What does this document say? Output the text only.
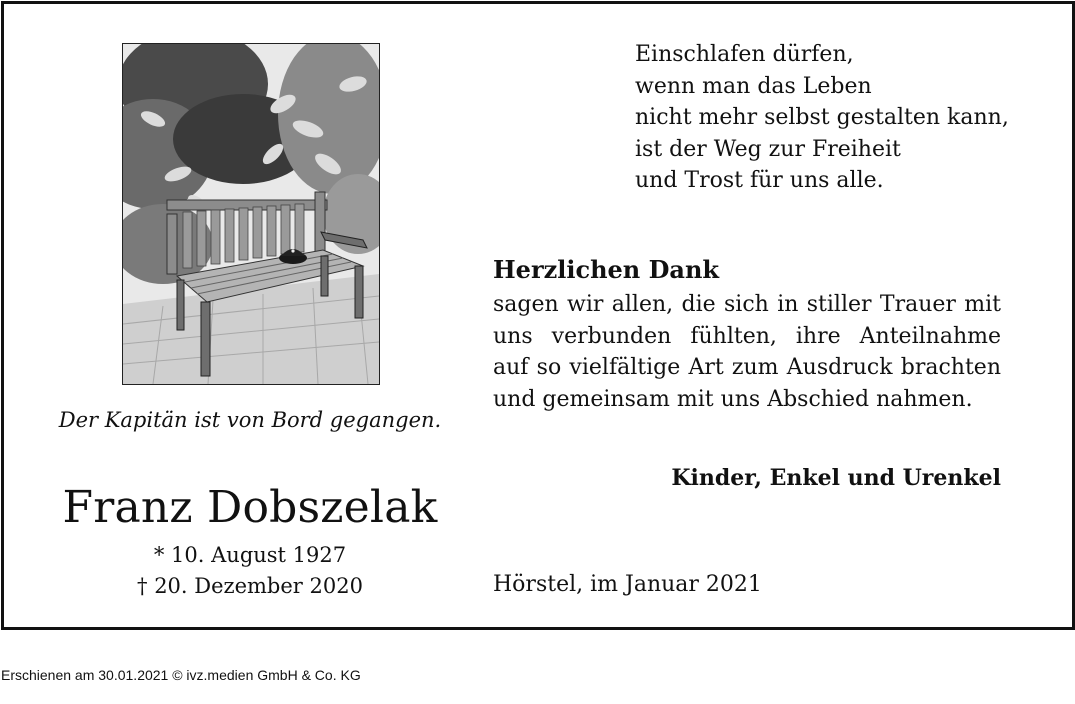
Der Kapitän ist von Bord gegangen.
Franz Dobszelak
* 10. August 1927
† 20. Dezember 2020
Einschlafen dürfen,
wenn man das Leben
nicht mehr selbst gestalten kann,
ist der Weg zur Freiheit
und Trost für uns alle.
Herzlichen Dank
sagen wir allen, die sich in stiller Trauer mit
uns verbunden fühlten, ihre Anteilnahme
auf so vielfältige Art zum Ausdruck brachten
und gemeinsam mit uns Abschied nahmen.
Kinder, Enkel und Urenkel
Hörstel, im Januar 2021
Erschienen am 30.01.2021 © ivz.medien GmbH & Co. KG
